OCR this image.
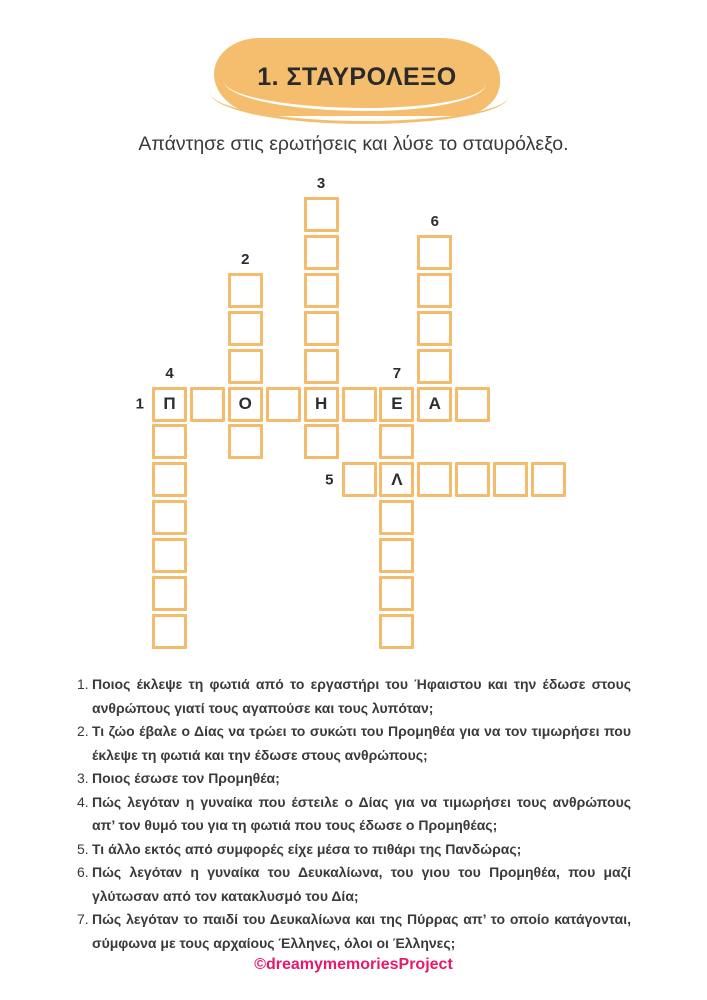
1. ΣΤΑΥΡΟΛΕΞΟ

Απάντησε στις ερωτήσεις και λύσε το σταυρόλεξο.

Π	Ο	Η	Ε	Α
Λ
3
6
2
4	7
1
5
1. Ποιος έκλεψε τη φωτιά από το εργαστήρι του Ήφαιστου και την έδωσε στους ανθρώπους γιατί τους αγαπούσε και τους λυπόταν;
2. Τι ζώο έβαλε ο Δίας να τρώει το συκώτι του Προμηθέα για να τον τιμωρήσει που έκλεψε τη φωτιά και την έδωσε στους ανθρώπους;
3. Ποιος έσωσε τον Προμηθέα;
4. Πώς λεγόταν η γυναίκα που έστειλε ο Δίας για να τιμωρήσει τους ανθρώπους απ’ τον θυμό του για τη φωτιά που τους έδωσε ο Προμηθέας;
5. Τι άλλο εκτός από συμφορές είχε μέσα το πιθάρι της Πανδώρας;
6. Πώς λεγόταν η γυναίκα του Δευκαλίωνα, του γιου του Προμηθέα, που μαζί γλύτωσαν από τον κατακλυσμό του Δία;
7. Πώς λεγόταν το παιδί του Δευκαλίωνα και της Πύρρας απ’ το οποίο κατάγονται, σύμφωνα με τους αρχαίους Έλληνες, όλοι οι Έλληνες;
©dreamymemoriesProject
